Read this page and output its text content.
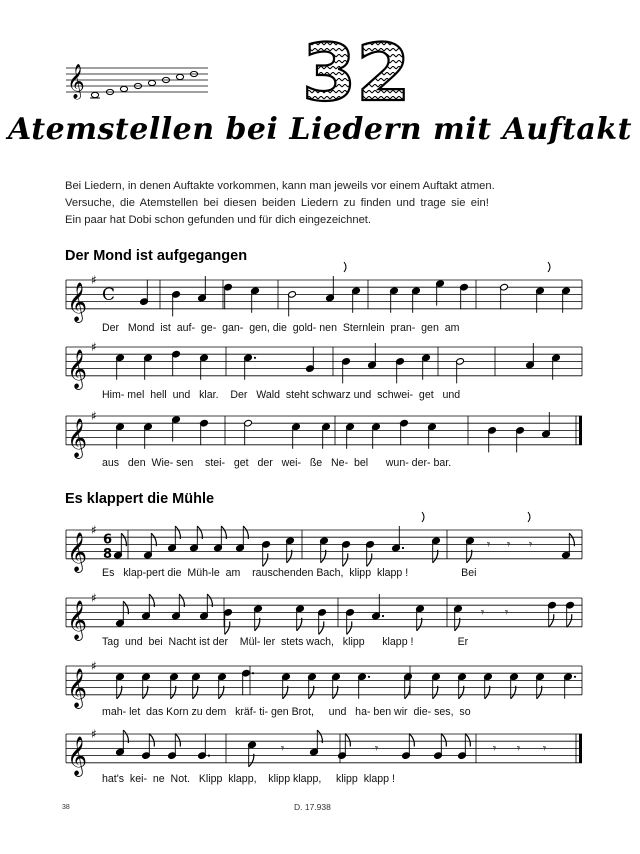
𝄞	32
Atemstellen bei Liedern mit Auftakt
Bei Liedern, in denen Auftakte vorkommen, kann man jeweils vor einem Auftakt atmen.
Versuche, die Atemstellen bei diesen beiden Liedern zu finden und trage sie ein!
Ein paar hat Dobi schon gefunden und für dich eingezeichnet.
Der Mond ist aufgegangen
𝄞
♯
C
Der   Mond  ist  auf-  ge-  gan-  gen, die  gold- nen  Sternlein  pran-  gen  am
𝄞
♯
Him- mel  hell  und   klar.    Der   Wald  steht schwarz und  schwei-  get   und
𝄞
♯
aus   den  Wie- sen    stei-   get   der   wei-   ße   Ne-  bel      wun- der- bar.
Es klappert die Mühle
𝄞
♯
6
8
𝄾 𝄾 𝄾
Es   klap-pert die  Müh-le  am    rauschenden Bach,  klipp  klapp !                  Bei
𝄞
♯
𝄾 𝄾
Tag  und  bei  Nacht ist der    Mül- ler  stets wach,   klipp      klapp !               Er
𝄞
♯
mah- let  das Korn zu dem   kräf- ti- gen Brot,     und   ha- ben wir  die- ses,  so
𝄞
♯
𝄾	𝄾	𝄾 𝄾 𝄾
hat's  kei-  ne  Not.   Klipp  klapp,    klipp klapp,     klipp  klapp !
38	D. 17.938
